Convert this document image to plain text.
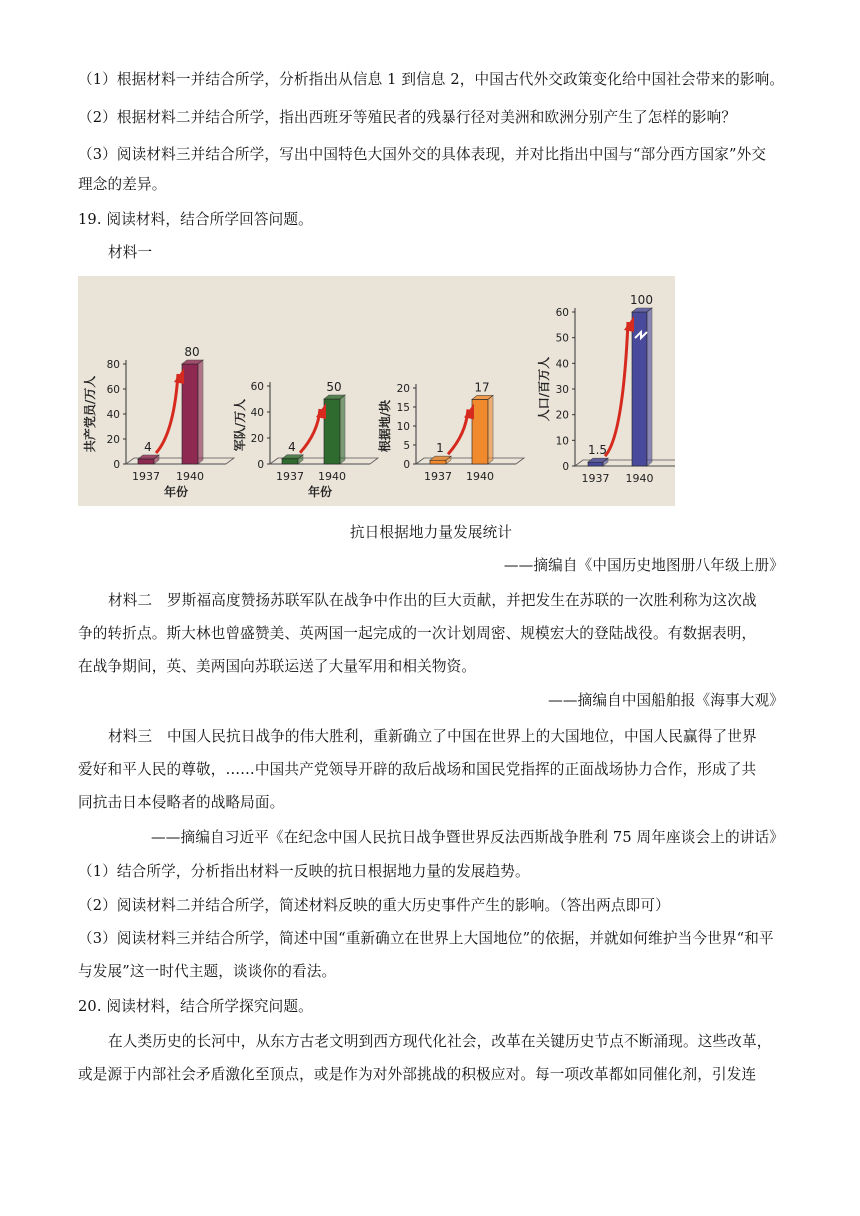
（1）根据材料一并结合所学，分析指出从信息 1 到信息 2，中国古代外交政策变化给中国社会带来的影响。
（2）根据材料二并结合所学，指出西班牙等殖民者的残暴行径对美洲和欧洲分别产生了怎样的影响？
（3）阅读材料三并结合所学，写出中国特色大国外交的具体表现，并对比指出中国与“部分西方国家”外交
理念的差异。
19. 阅读材料，结合所学回答问题。
材料一
0
20
40
60
80
共产党员/万人	4
1937
80
1940
年份
0
20
40
60
军队/万人	4
1937
50
1940
年份
0
5
10
15
20
根据地/块	1
1937
17
1940
0
10
20
30
40
50
60
人口/百万人
1.5
1937
100
1940
抗日根据地力量发展统计
——摘编自《中国历史地图册八年级上册》
材料二　罗斯福高度赞扬苏联军队在战争中作出的巨大贡献，并把发生在苏联的一次胜利称为这次战
争的转折点。斯大林也曾盛赞美、英两国一起完成的一次计划周密、规模宏大的登陆战役。有数据表明，
在战争期间，英、美两国向苏联运送了大量军用和相关物资。
——摘编自中国船舶报《海事大观》
材料三　中国人民抗日战争的伟大胜利，重新确立了中国在世界上的大国地位，中国人民赢得了世界
爱好和平人民的尊敬，……中国共产党领导开辟的敌后战场和国民党指挥的正面战场协力合作，形成了共
同抗击日本侵略者的战略局面。
——摘编自习近平《在纪念中国人民抗日战争暨世界反法西斯战争胜利 75 周年座谈会上的讲话》
（1）结合所学，分析指出材料一反映的抗日根据地力量的发展趋势。
（2）阅读材料二并结合所学，简述材料反映的重大历史事件产生的影响。（答出两点即可）
（3）阅读材料三并结合所学，简述中国“重新确立在世界上大国地位”的依据，并就如何维护当今世界“和平
与发展”这一时代主题，谈谈你的看法。
20. 阅读材料，结合所学探究问题。
在人类历史的长河中，从东方古老文明到西方现代化社会，改革在关键历史节点不断涌现。这些改革，
或是源于内部社会矛盾激化至顶点，或是作为对外部挑战的积极应对。每一项改革都如同催化剂，引发连
